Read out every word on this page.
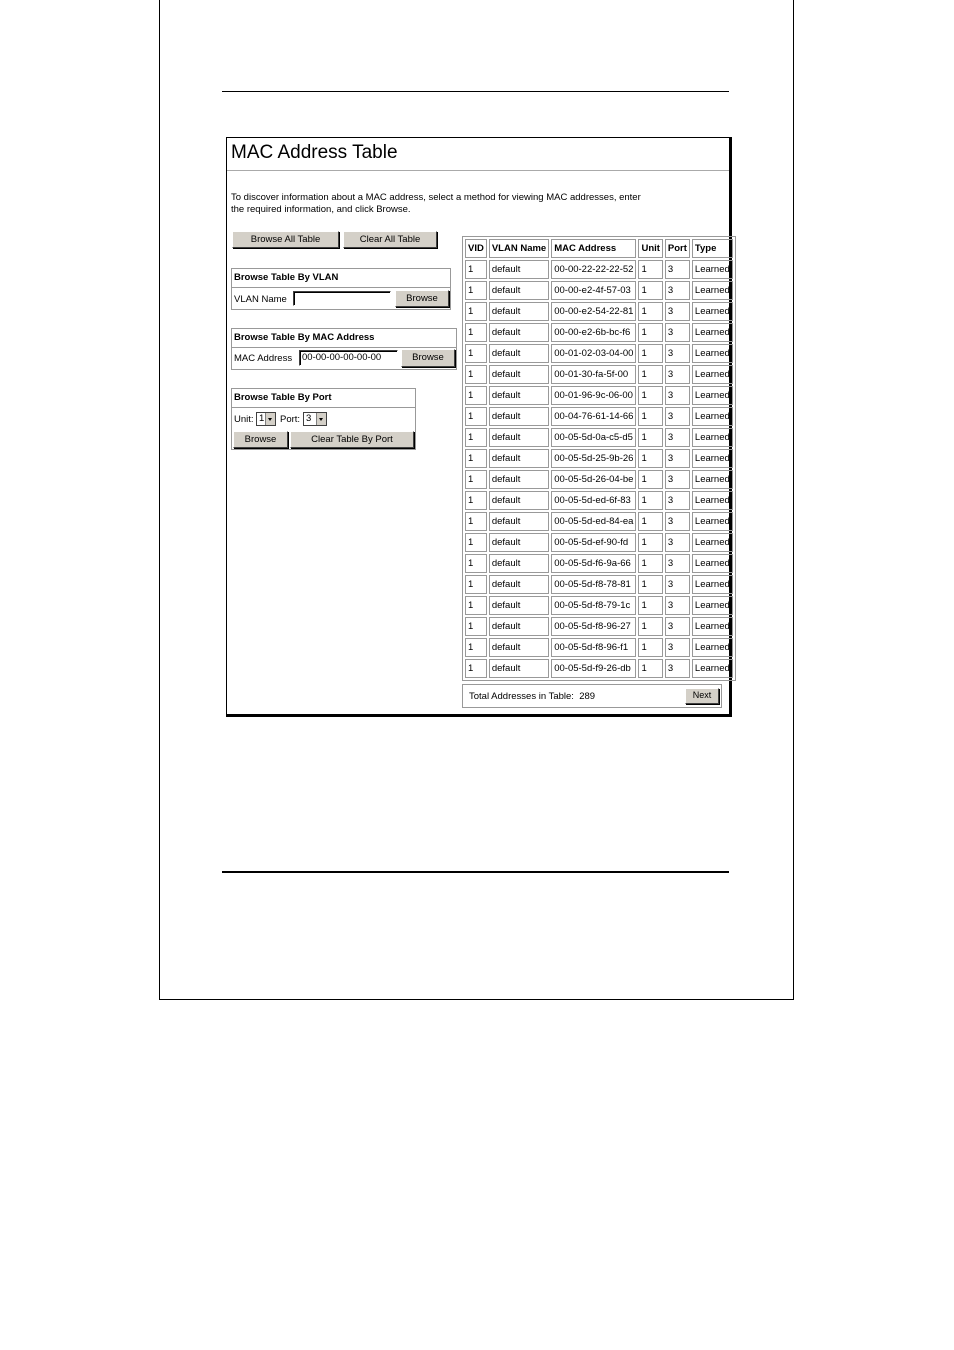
MAC Address Table
To discover information about a MAC address, select a method for viewing MAC addresses, enter the required information, and click Browse.
Browse All Table	Clear All Table
Browse Table By VLAN
VLAN Name	Browse
Browse Table By MAC Address
MAC Address	00-00-00-00-00-00	Browse
Browse Table By Port
Unit: 1	Port: 3
Browse	Clear Table By Port
VID	VLAN Name	MAC Address	Unit	Port	Type
1	default	00-00-22-22-22-52	1	3	Learned
1	default	00-00-e2-4f-57-03	1	3	Learned
1	default	00-00-e2-54-22-81	1	3	Learned
1	default	00-00-e2-6b-bc-f6	1	3	Learned
1	default	00-01-02-03-04-00	1	3	Learned
1	default	00-01-30-fa-5f-00	1	3	Learned
1	default	00-01-96-9c-06-00	1	3	Learned
1	default	00-04-76-61-14-66	1	3	Learned
1	default	00-05-5d-0a-c5-d5	1	3	Learned
1	default	00-05-5d-25-9b-26	1	3	Learned
1	default	00-05-5d-26-04-be	1	3	Learned
1	default	00-05-5d-ed-6f-83	1	3	Learned
1	default	00-05-5d-ed-84-ea	1	3	Learned
1	default	00-05-5d-ef-90-fd	1	3	Learned
1	default	00-05-5d-f6-9a-66	1	3	Learned
1	default	00-05-5d-f8-78-81	1	3	Learned
1	default	00-05-5d-f8-79-1c	1	3	Learned
1	default	00-05-5d-f8-96-27	1	3	Learned
1	default	00-05-5d-f8-96-f1	1	3	Learned
1	default	00-05-5d-f9-26-db	1	3	Learned
Total Addresses in Table: 289	Next
